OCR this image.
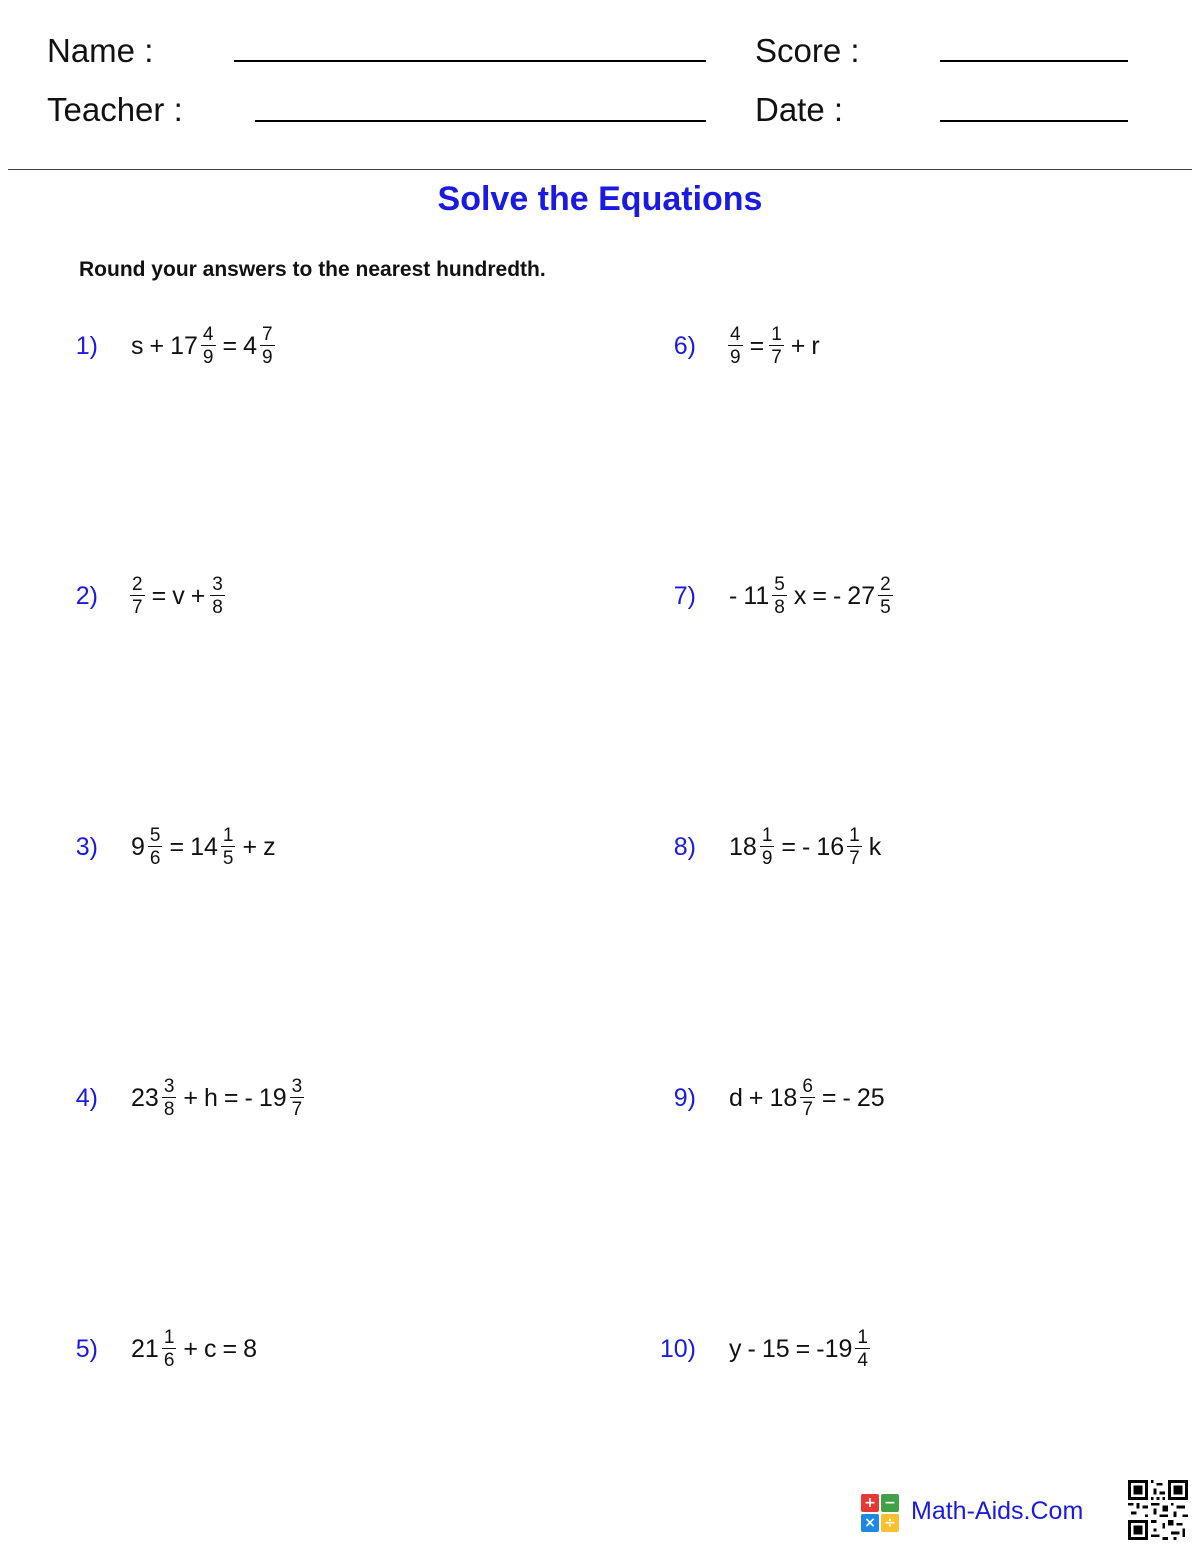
Name :
Teacher :
Score :
Date :
Solve the Equations
Round your answers to the nearest hundredth.
1) $s + 17 \frac{4}{9} = 4 \frac{7}{9}$
$2) \frac{2}{7} = v + \frac{3}{8}$
3) $9 \frac{5}{6} = 14 \frac{1}{5} + z$
4) $23 \frac{3}{8} + h$ = - $19 \frac{3}{7}$
5) $21 \frac{1}{6} + c = 8$
$6) \frac{4}{9} = \frac{1}{7} + r$
$7) - 11 \frac{5}{8}$ x = - $27 \frac{2}{5}$
8) $18 \frac{1}{9}$ = - $16 \frac{1}{7}$ k
9) $d + 18 \frac{6}{7}$ = - 25
10) $y - 15 = -19 \frac{1}{4}$
+ −
× ÷ Math-Aids.Com
